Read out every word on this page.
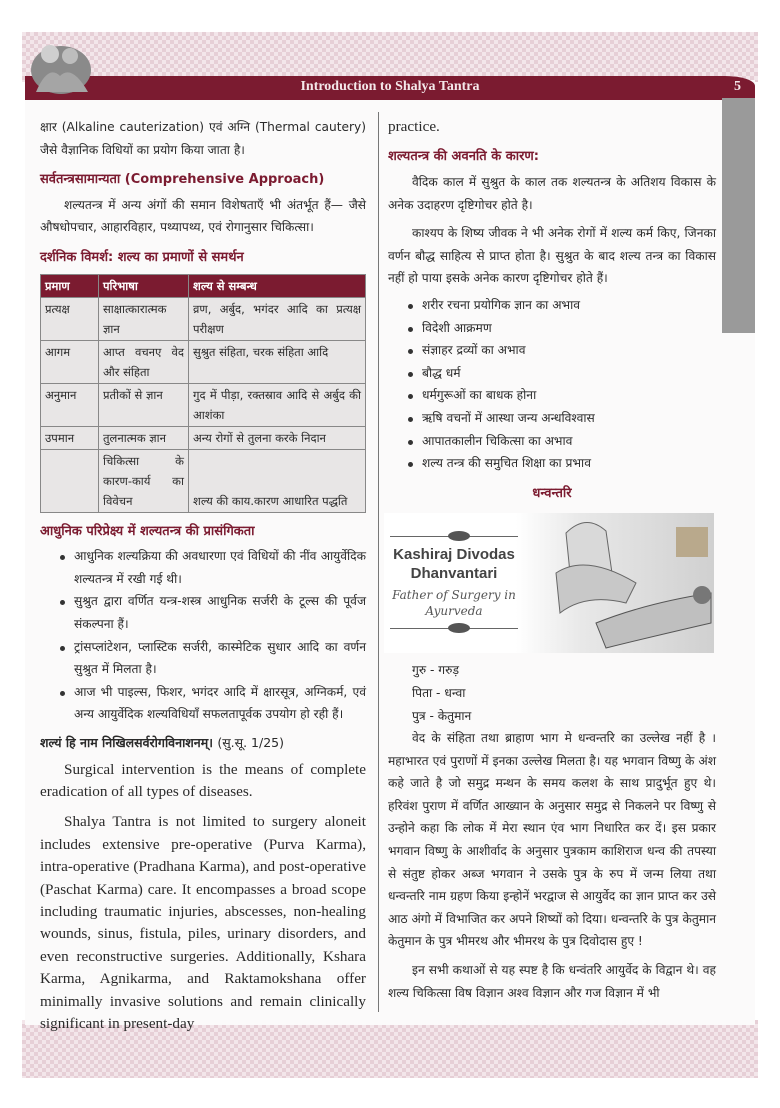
Introduction to Shalya Tantra	5

क्षार (Alkaline cauterization) एवं अग्नि (Thermal cautery) जैसे वैज्ञानिक विधियों का प्रयोग किया जाता है।

सर्वतन्त्रसामान्यता (Comprehensive Approach)

शल्यतन्त्र में अन्य अंगों की समान विशेषताएँ भी अंतर्भूत हैं— जैसे औषधोपचार, आहारविहार, पथ्यापथ्य, एवं रोगानुसार चिकित्सा।

दर्शनिक विमर्श: शल्य का प्रमाणों से समर्थन
प्रमाण	परिभाषा	शल्य से सम्बन्ध
प्रत्यक्ष	साक्षात्कारात्मक ज्ञान	व्रण, अर्बुद, भगंदर आदि का प्रत्यक्ष परीक्षण
आगम	आप्त वचनए वेद और संहिता	सुश्रुत संहिता, चरक संहिता आदि
अनुमान	प्रतीकों से ज्ञान	गुद में पीड़ा, रक्तस्राव आदि से अर्बुद की आशंका
उपमान	तुलनात्मक ज्ञान	अन्य रोगों से तुलना करके निदान
	चिकित्सा के कारण-कार्य का विवेचन	शल्य की काय.कारण आधारित पद्धति
आधुनिक परिप्रेक्ष्य में शल्यतन्त्र की प्रासंगिकता
आधुनिक शल्यक्रिया की अवधारणा एवं विधियों की नींव आयुर्वेदिक शल्यतन्त्र में रखी गई थी।
सुश्रुत द्वारा वर्णित यन्त्र-शस्त्र आधुनिक सर्जरी के टूल्स की पूर्वज संकल्पना हैं।
ट्रांसप्लांटेशन, प्लास्टिक सर्जरी, कास्मेटिक सुधार आदि का वर्णन सुश्रुत में मिलता है।
आज भी पाइल्स, फिशर, भगंदर आदि में क्षारसूत्र, अग्निकर्म, एवं अन्य आयुर्वेदिक शल्यविधियाँ सफलतापूर्वक उपयोग हो रही हैं।

शल्यं हि नाम निखिलसर्वरोगविनाशनम्। (सु.सू. 1/25)

Surgical intervention is the means of complete eradication of all types of diseases.

Shalya Tantra is not limited to surgery aloneit includes extensive pre-operative (Purva Karma), intra-operative (Pradhana Karma), and post-operative (Paschat Karma) care. It encompasses a broad scope including traumatic injuries, abscesses, non-healing wounds, sinus, fistula, piles, urinary disorders, and even reconstructive surgeries. Additionally, Kshara Karma, Agnikarma, and Raktamokshana offer minimally invasive solutions and remain clinically significant in present-day

practice.

शल्यतन्त्र की अवनति के कारण:

वैदिक काल में सुश्रुत के काल तक शल्यतन्त्र के अतिशय विकास के अनेक उदाहरण दृष्टिगोचर होते है।

काश्यप के शिष्य जीवक ने भी अनेक रोगों में शल्य कर्म किए, जिनका वर्णन बौद्ध साहित्य से प्राप्त होता है। सुश्रुत के बाद शल्य तन्त्र का विकास नहीं हो पाया इसके अनेक कारण दृष्टिगोचर होते हैं।

शरीर रचना प्रयोगिक ज्ञान का अभाव
विदेशी आक्रमण
संज्ञाहर द्रव्यों का अभाव
बौद्ध धर्म
धर्मगुरूओं का बाधक होना
ऋषि वचनों में आस्था जन्य अन्धविश्वास
आपातकालीन चिकित्सा का अभाव
शल्य तन्त्र की समुचित शिक्षा का प्रभाव
धन्वन्तरि
Kashiraj Divodas Dhanvantari
Father of Surgery in Ayurveda

गुरु - गरुड़

पिता - धन्वा

पुत्र - केतुमान

वेद के संहिता तथा ब्राहाण भाग मे धन्वन्तरि का उल्लेख नहीं है । महाभारत एवं पुराणों में इनका उल्लेख मिलता है। यह भगवान विष्णु के अंश कहे जाते है जो समुद्र मन्थन के समय कलश के साथ प्रादुर्भूत हुए थे। हरिवंश पुराण में वर्णित आख्यान के अनुसार समुद्र से निकलने पर विष्णु से उन्होने कहा कि लोक में मेरा स्थान एंव भाग निधारित कर दें। इस प्रकार भगवान विष्णु के आशीर्वाद के अनुसार पुत्रकाम काशिराज धन्व की तपस्या से संतुष्ट होकर अब्ज भगवान ने उसके पुत्र के रुप में जन्म लिया तथा धन्वन्तरि नाम ग्रहण किया इन्होनें भरद्वाज से आयुर्वेद का ज्ञान प्राप्त कर उसे आठ अंगो में विभाजित कर अपने शिष्यों को दिया। धन्वन्तरि के पुत्र केतुमान केतुमान के पुत्र भीमरथ और भीमरथ के पुत्र दिवोदास हुए !

इन सभी कथाओं से यह स्पष्ट है कि धन्वंतरि आयुर्वेद के विद्वान थे। वह शल्य चिकित्सा विष विज्ञान अश्व विज्ञान और गज विज्ञान में भी
